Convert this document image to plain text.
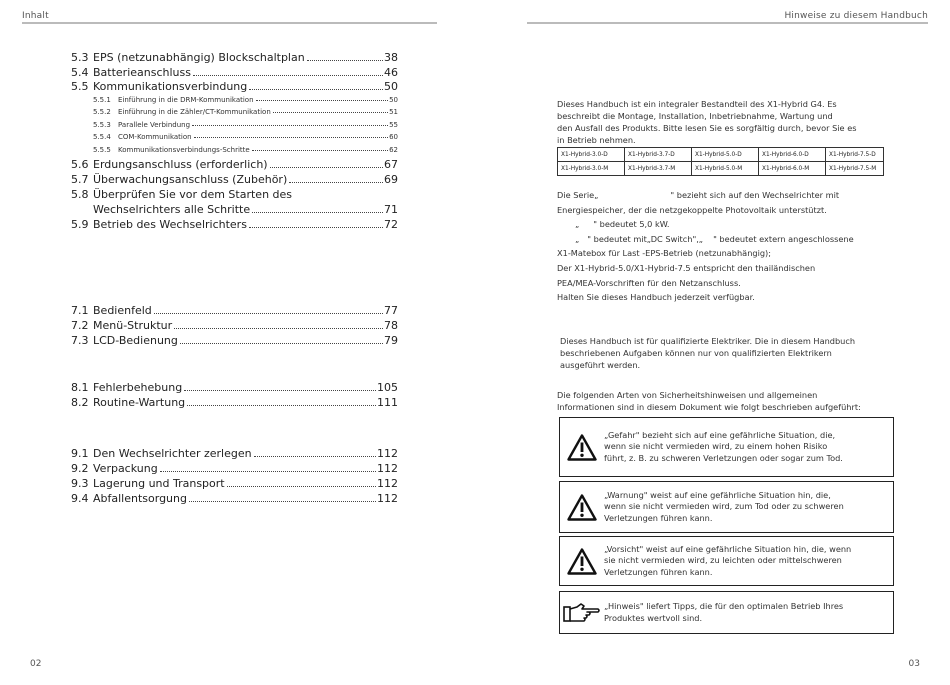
Inhalt	Hinweise zu diesem Handbuch
5.3 EPS (netzunabhängig) Blockschaltplan	38
5.4 Batterieanschluss	46
5.5 Kommunikationsverbindung	50
5.5.1	Einführung in die DRM-Kommunikation	50
5.5.2	Einführung in die Zähler/CT-Kommunikation	51
5.5.3	Parallele Verbindung	55
5.5.4	COM-Kommunikation	60
5.5.5	Kommunikationsverbindungs-Schritte	62
5.6 Erdungsanschluss (erforderlich)	67
5.7 Überwachungsanschluss (Zubehör)	69
5.8 Überprüfen Sie vor dem Starten des
Wechselrichters alle Schritte	71
5.9 Betrieb des Wechselrichters	72
7.1 Bedienfeld	77
7.2 Menü-Struktur	78
7.3 LCD-Bedienung	79
8.1 Fehlerbehebung	105
8.2 Routine-Wartung	111
9.1 Den Wechselrichter zerlegen	112
9.2 Verpackung	112
9.3 Lagerung und Transport	112
9.4 Abfallentsorgung	112
Dieses Handbuch ist ein integraler Bestandteil des X1-Hybrid G4. Es
beschreibt die Montage, Installation, Inbetriebnahme, Wartung und
den Ausfall des Produkts. Bitte lesen Sie es sorgfältig durch, bevor Sie es
in Betrieb nehmen.
X1-Hybrid-3.0-D	X1-Hybrid-3.7-D	X1-Hybrid-5.0-D	X1-Hybrid-6.0-D	X1-Hybrid-7.5-D
X1-Hybrid-3.0-M	X1-Hybrid-3.7-M	X1-Hybrid-5.0-M	X1-Hybrid-6.0-M	X1-Hybrid-7.5-M
Die Serie„	" bezieht sich auf den Wechselrichter mit
Energiespeicher, der die netzgekoppelte Photovoltaik unterstützt.
„ " bedeutet 5,0 kW.
„ " bedeutet mit„DC Switch",„ " bedeutet extern angeschlossene
X1-Matebox für Last -EPS-Betrieb (netzunabhängig);
Der X1-Hybrid-5.0/X1-Hybrid-7.5 entspricht den thailändischen
PEA/MEA-Vorschriften für den Netzanschluss.
Halten Sie dieses Handbuch jederzeit verfügbar.
Dieses Handbuch ist für qualifizierte Elektriker. Die in diesem Handbuch
beschriebenen Aufgaben können nur von qualifizierten Elektrikern
ausgeführt werden.
Die folgenden Arten von Sicherheitshinweisen und allgemeinen
Informationen sind in diesem Dokument wie folgt beschrieben aufgeführt:
„Gefahr" bezieht sich auf eine gefährliche Situation, die,
wenn sie nicht vermieden wird, zu einem hohen Risiko
führt, z. B. zu schweren Verletzungen oder sogar zum Tod.
„Warnung" weist auf eine gefährliche Situation hin, die,
wenn sie nicht vermieden wird, zum Tod oder zu schweren
Verletzungen führen kann.
„Vorsicht" weist auf eine gefährliche Situation hin, die, wenn
sie nicht vermieden wird, zu leichten oder mittelschweren
Verletzungen führen kann.
„Hinweis" liefert Tipps, die für den optimalen Betrieb Ihres
Produktes wertvoll sind.
02	03
